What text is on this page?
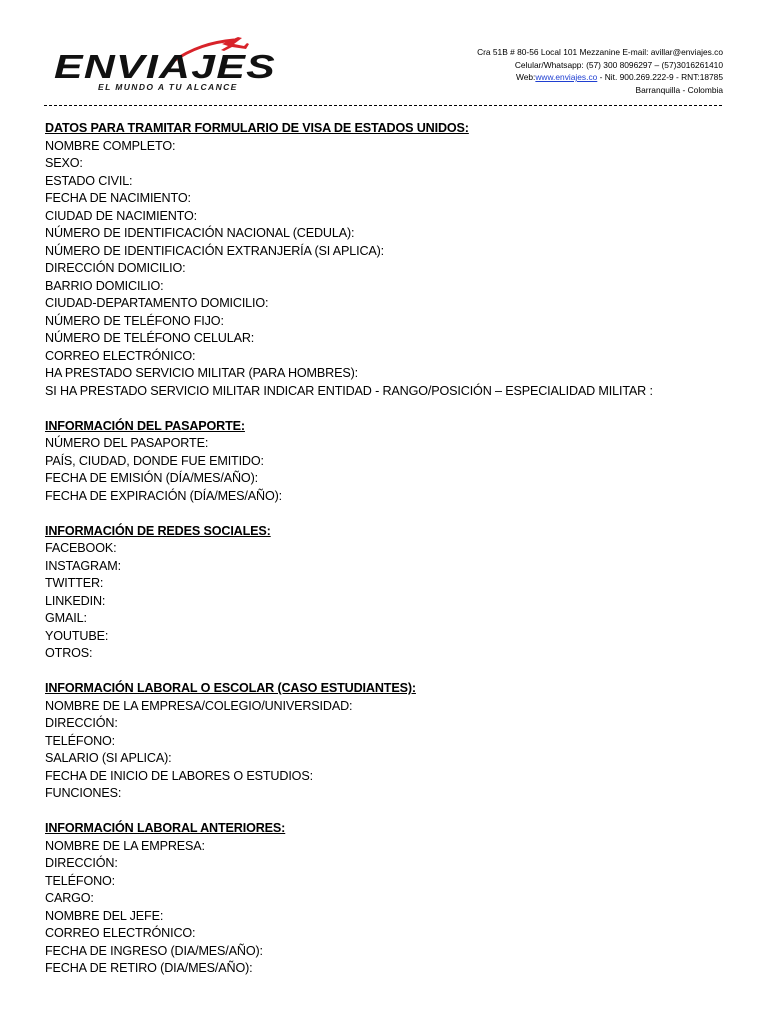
ENVIAJES
EL MUNDO A TU ALCANCE
Cra 51B # 80-56 Local 101 Mezzanine E-mail: avillar@enviajes.co
Celular/Whatsapp: (57) 300 8096297 – (57)3016261410
Web:www.enviajes.co - Nit. 900.269.222-9 - RNT:18785
Barranquilla - Colombia
DATOS PARA TRAMITAR FORMULARIO DE VISA DE ESTADOS UNIDOS:
NOMBRE COMPLETO:
SEXO:
ESTADO CIVIL:
FECHA DE NACIMIENTO:
CIUDAD DE NACIMIENTO:
NÚMERO DE IDENTIFICACIÓN NACIONAL (CEDULA):
NÚMERO DE IDENTIFICACIÓN EXTRANJERÍA (SI APLICA):
DIRECCIÓN DOMICILIO:
BARRIO DOMICILIO:
CIUDAD-DEPARTAMENTO DOMICILIO:
NÚMERO DE TELÉFONO FIJO:
NÚMERO DE TELÉFONO CELULAR:
CORREO ELECTRÓNICO:
HA PRESTADO SERVICIO MILITAR (PARA HOMBRES):
SI HA PRESTADO SERVICIO MILITAR INDICAR ENTIDAD - RANGO/POSICIÓN – ESPECIALIDAD MILITAR :
INFORMACIÓN DEL PASAPORTE:
NÚMERO DEL PASAPORTE:
PAÍS, CIUDAD, DONDE FUE EMITIDO:
FECHA DE EMISIÓN (DÍA/MES/AÑO):
FECHA DE EXPIRACIÓN (DÍA/MES/AÑO):
INFORMACIÓN DE REDES SOCIALES:
FACEBOOK:
INSTAGRAM:
TWITTER:
LINKEDIN:
GMAIL:
YOUTUBE:
OTROS:
INFORMACIÓN LABORAL O ESCOLAR (CASO ESTUDIANTES):
NOMBRE DE LA EMPRESA/COLEGIO/UNIVERSIDAD:
DIRECCIÓN:
TELÉFONO:
SALARIO (SI APLICA):
FECHA DE INICIO DE LABORES O ESTUDIOS:
FUNCIONES:
INFORMACIÓN LABORAL ANTERIORES:
NOMBRE DE LA EMPRESA:
DIRECCIÓN:
TELÉFONO:
CARGO:
NOMBRE DEL JEFE:
CORREO ELECTRÓNICO:
FECHA DE INGRESO (DIA/MES/AÑO):
FECHA DE RETIRO (DIA/MES/AÑO):
